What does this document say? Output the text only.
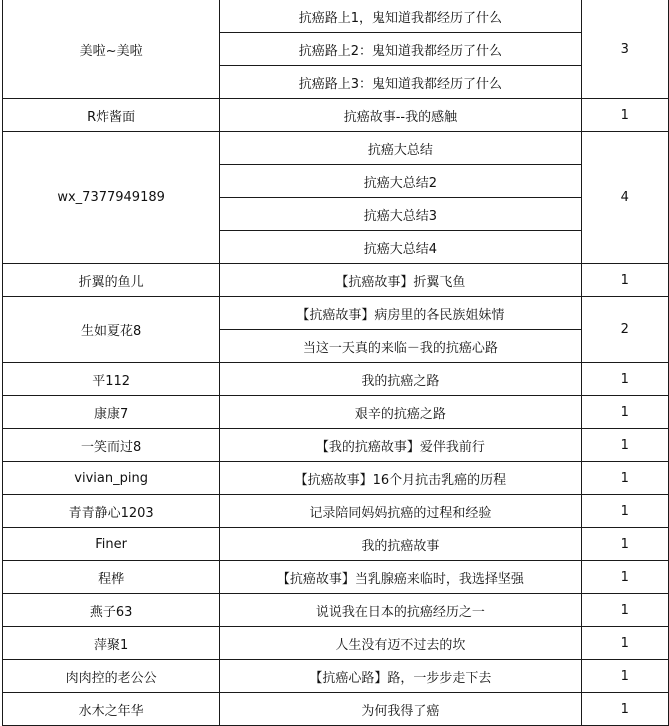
美啦~美啦	抗癌路上1，鬼知道我都经历了什么	3
	抗癌路上2：鬼知道我都经历了什么	
	抗癌路上3：鬼知道我都经历了什么	
R炸酱面	抗癌故事--我的感触	1
wx_7377949189	抗癌大总结	4
	抗癌大总结2	
	抗癌大总结3	
	抗癌大总结4	
折翼的鱼儿	【抗癌故事】折翼飞鱼	1
生如夏花8	【抗癌故事】病房里的各民族姐妹情	2
	当这一天真的来临－我的抗癌心路	
平112	我的抗癌之路	1
康康7	艰辛的抗癌之路	1
一笑而过8	【我的抗癌故事】爱伴我前行	1
vivian_ping	【抗癌故事】16个月抗击乳癌的历程	1
青青静心1203	记录陪同妈妈抗癌的过程和经验	1
Finer	我的抗癌故事	1
程桦	【抗癌故事】当乳腺癌来临时，我选择坚强	1
燕子63	说说我在日本的抗癌经历之一	1
萍聚1	人生没有迈不过去的坎	1
肉肉控的老公公	【抗癌心路】路，一步步走下去	1
水木之年华	为何我得了癌	1
